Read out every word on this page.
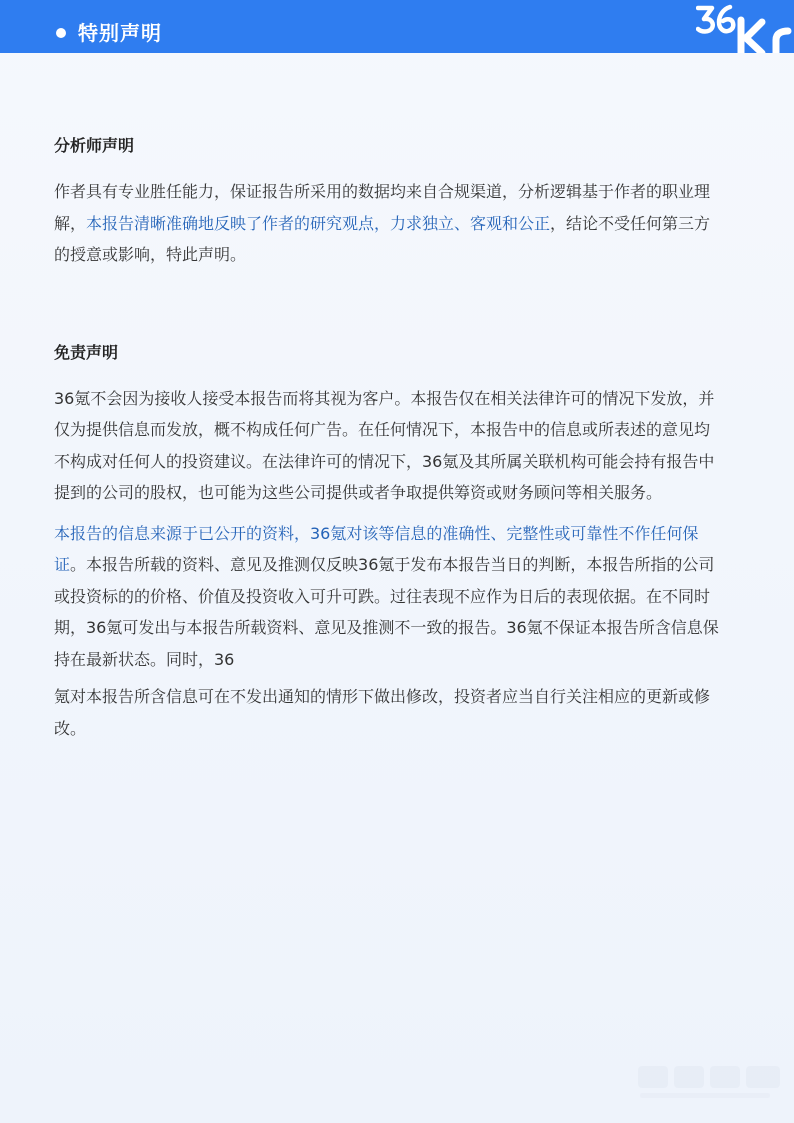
特别声明

分析师声明

作者具有专业胜任能力，保证报告所采用的数据均来自合规渠道，分析逻辑基于作者的职业理解，本报告清晰准确地反映了作者的研究观点，力求独立、客观和公正，结论不受任何第三方的授意或影响，特此声明。

免责声明

36氪不会因为接收人接受本报告而将其视为客户。本报告仅在相关法律许可的情况下发放，并仅为提供信息而发放，概不构成任何广告。在任何情况下，本报告中的信息或所表述的意见均不构成对任何人的投资建议。在法律许可的情况下，36氪及其所属关联机构可能会持有报告中提到的公司的股权，也可能为这些公司提供或者争取提供筹资或财务顾问等相关服务。

本报告的信息来源于已公开的资料，36氪对该等信息的准确性、完整性或可靠性不作任何保证。本报告所载的资料、意见及推测仅反映36氪于发布本报告当日的判断，本报告所指的公司或投资标的的价格、价值及投资收入可升可跌。过往表现不应作为日后的表现依据。在不同时期，36氪可发出与本报告所载资料、意见及推测不一致的报告。36氪不保证本报告所含信息保持在最新状态。同时，36

氪对本报告所含信息可在不发出通知的情形下做出修改，投资者应当自行关注相应的更新或修改。
